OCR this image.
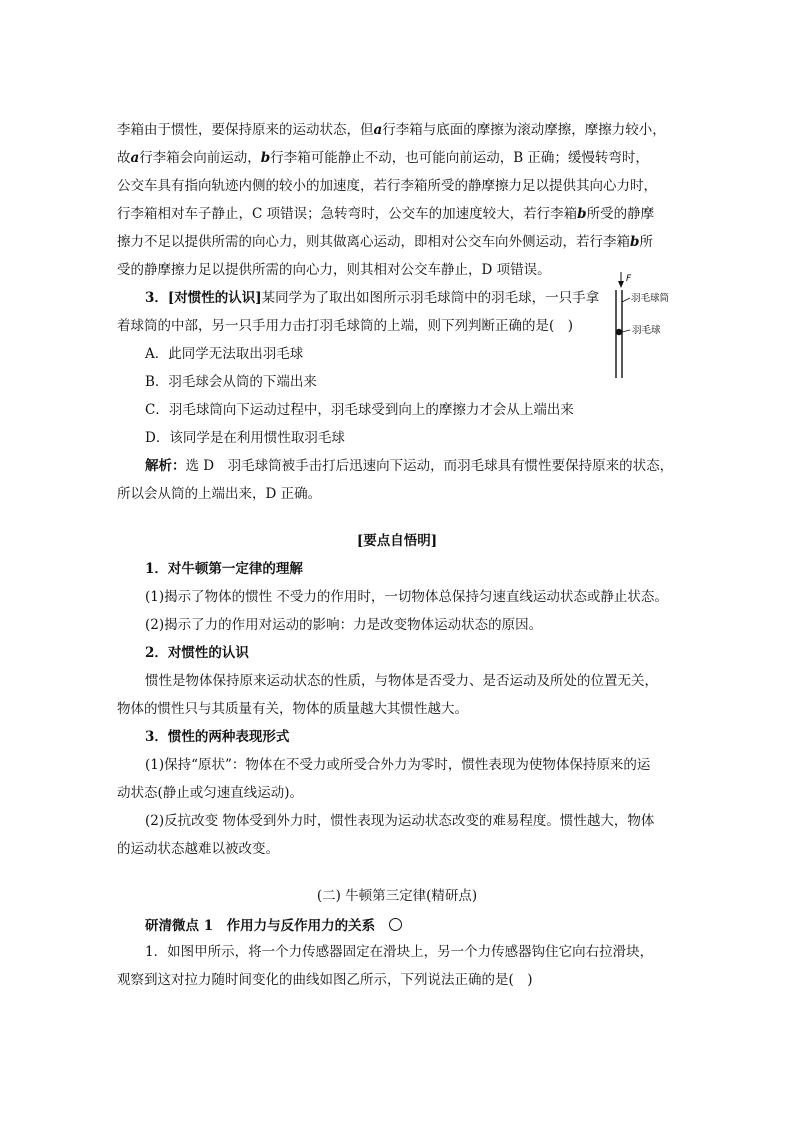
李箱由于惯性，要保持原来的运动状态，但a行李箱与底面的摩擦为滚动摩擦，摩擦力较小，
故a行李箱会向前运动，b行李箱可能静止不动，也可能向前运动，B 正确；缓慢转弯时，
公交车具有指向轨迹内侧的较小的加速度，若行李箱所受的静摩擦力足以提供其向心力时，
行李箱相对车子静止，C 项错误；急转弯时，公交车的加速度较大，若行李箱b所受的静摩
擦力不足以提供所需的向心力，则其做离心运动，即相对公交车向外侧运动，若行李箱b所
受的静摩擦力足以提供所需的向心力，则其相对公交车静止，D 项错误。
3．[对惯性的认识]某同学为了取出如图所示羽毛球筒中的羽毛球，一只手拿
着球筒的中部，另一只手用力击打羽毛球筒的上端，则下列判断正确的是(　)
A．此同学无法取出羽毛球
B．羽毛球会从筒的下端出来
C．羽毛球筒向下运动过程中，羽毛球受到向上的摩擦力才会从上端出来
D．该同学是在利用惯性取羽毛球
解析：选 D　羽毛球筒被手击打后迅速向下运动，而羽毛球具有惯性要保持原来的状态，
所以会从筒的上端出来，D 正确。
F
羽毛球筒
羽毛球
[要点自悟明]
1．对牛顿第一定律的理解
(1)揭示了物体的惯性 不受力的作用时，一切物体总保持匀速直线运动状态或静止状态。
(2)揭示了力的作用对运动的影响：力是改变物体运动状态的原因。
2．对惯性的认识
惯性是物体保持原来运动状态的性质，与物体是否受力、是否运动及所处的位置无关，
物体的惯性只与其质量有关，物体的质量越大其惯性越大。
3．惯性的两种表现形式
(1)保持“原状”：物体在不受力或所受合外力为零时，惯性表现为使物体保持原来的运
动状态(静止或匀速直线运动)。
(2)反抗改变 物体受到外力时，惯性表现为运动状态改变的难易程度。惯性越大，物体
的运动状态越难以被改变。
(二) 牛顿第三定律(精研点)
研清微点 1　作用力与反作用力的关系
1．如图甲所示，将一个力传感器固定在滑块上，另一个力传感器钩住它向右拉滑块，
观察到这对拉力随时间变化的曲线如图乙所示，下列说法正确的是(　)
